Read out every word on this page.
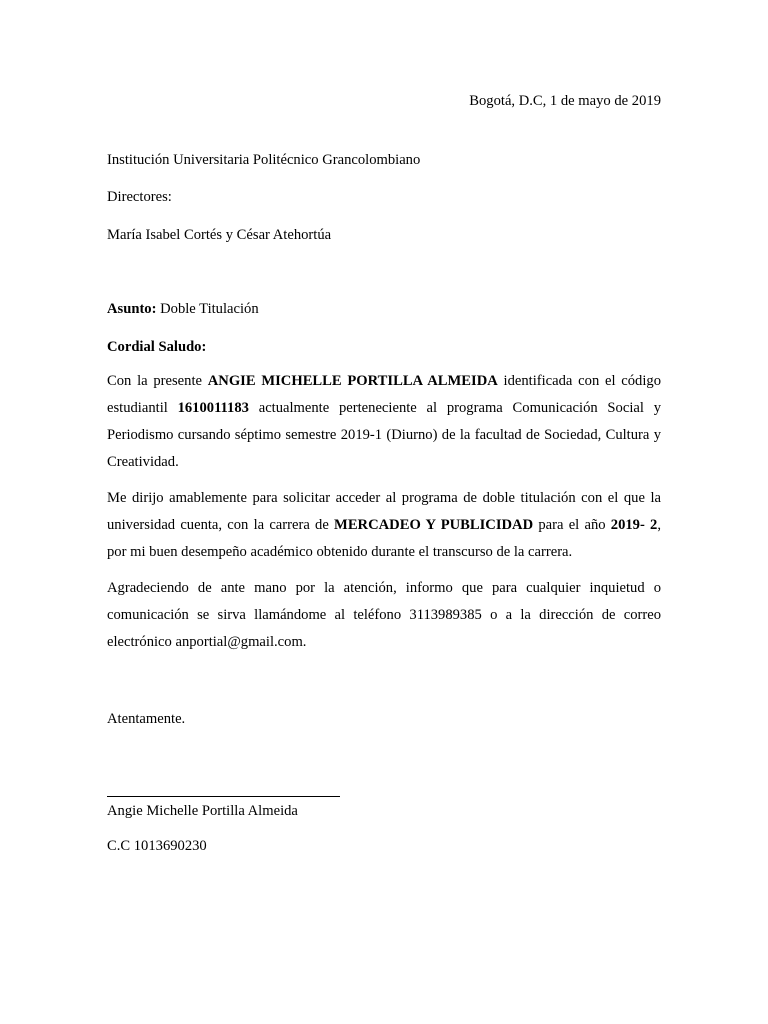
Bogotá, D.C, 1 de mayo de 2019
Institución Universitaria Politécnico Grancolombiano
Directores:
María Isabel Cortés y César Atehortúa
Asunto: Doble Titulación
Cordial Saludo:
Con la presente ANGIE MICHELLE PORTILLA ALMEIDA identificada con el código estudiantil 1610011183 actualmente perteneciente al programa Comunicación Social y Periodismo cursando séptimo semestre 2019-1 (Diurno) de la facultad de Sociedad, Cultura y Creatividad.
Me dirijo amablemente para solicitar acceder al programa de doble titulación con el que la universidad cuenta, con la carrera de MERCADEO Y PUBLICIDAD para el año 2019- 2, por mi buen desempeño académico obtenido durante el transcurso de la carrera.
Agradeciendo de ante mano por la atención, informo que para cualquier inquietud o comunicación se sirva llamándome al teléfono 3113989385 o a la dirección de correo electrónico anportial@gmail.com.
Atentamente.
Angie Michelle Portilla Almeida
C.C 1013690230
